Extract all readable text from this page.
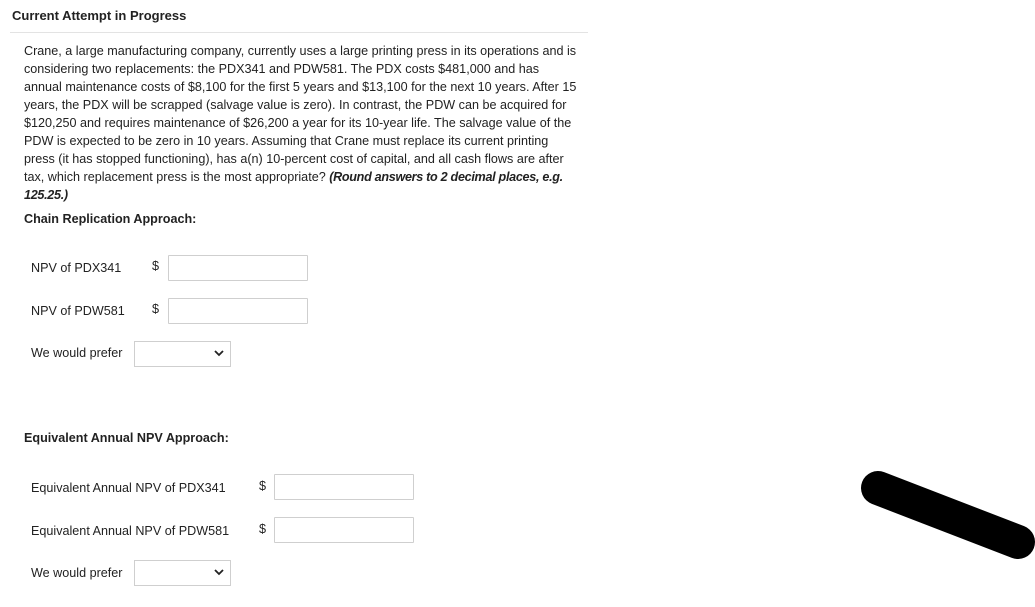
Current Attempt in Progress
Crane, a large manufacturing company, currently uses a large printing press in its operations and is considering two replacements: the PDX341 and PDW581. The PDX costs $481,000 and has annual maintenance costs of $8,100 for the first 5 years and $13,100 for the next 10 years. After 15 years, the PDX will be scrapped (salvage value is zero). In contrast, the PDW can be acquired for $120,250 and requires maintenance of $26,200 a year for its 10-year life. The salvage value of the PDW is expected to be zero in 10 years. Assuming that Crane must replace its current printing press (it has stopped functioning), has a(n) 10-percent cost of capital, and all cash flows are after tax, which replacement press is the most appropriate? (Round answers to 2 decimal places, e.g. 125.25.)
Chain Replication Approach:
NPV of PDX341 $
NPV of PDW581 $
We would prefer
Equivalent Annual NPV Approach:
Equivalent Annual NPV of PDX341	$
Equivalent Annual NPV of PDW581 $
We would prefer
